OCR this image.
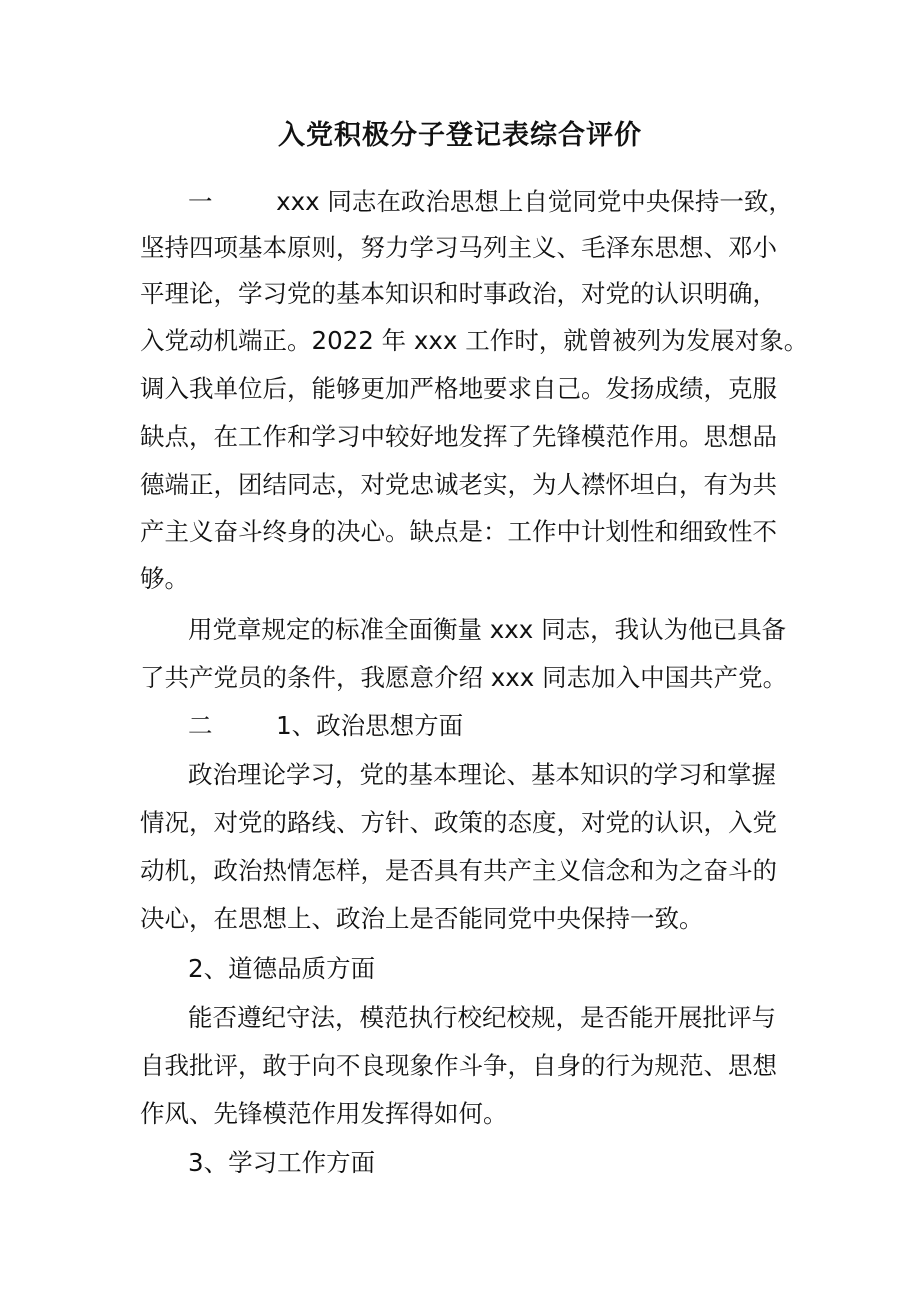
入党积极分子登记表综合评价
一	xxx 同志在政治思想上自觉同党中央保持一致，
坚持四项基本原则，努力学习马列主义、毛泽东思想、邓小
平理论，学习党的基本知识和时事政治，对党的认识明确，
入党动机端正。2022 年 xxx 工作时，就曾被列为发展对象。
调入我单位后，能够更加严格地要求自己。发扬成绩，克服
缺点，在工作和学习中较好地发挥了先锋模范作用。思想品
德端正，团结同志，对党忠诚老实，为人襟怀坦白，有为共
产主义奋斗终身的决心。缺点是：工作中计划性和细致性不
够。
用党章规定的标准全面衡量 xxx 同志，我认为他已具备
了共产党员的条件，我愿意介绍 xxx 同志加入中国共产党。
二	1、政治思想方面
政治理论学习，党的基本理论、基本知识的学习和掌握
情况，对党的路线、方针、政策的态度，对党的认识，入党
动机，政治热情怎样，是否具有共产主义信念和为之奋斗的
决心，在思想上、政治上是否能同党中央保持一致。
2、道德品质方面
能否遵纪守法，模范执行校纪校规，是否能开展批评与
自我批评，敢于向不良现象作斗争，自身的行为规范、思想
作风、先锋模范作用发挥得如何。
3、学习工作方面
